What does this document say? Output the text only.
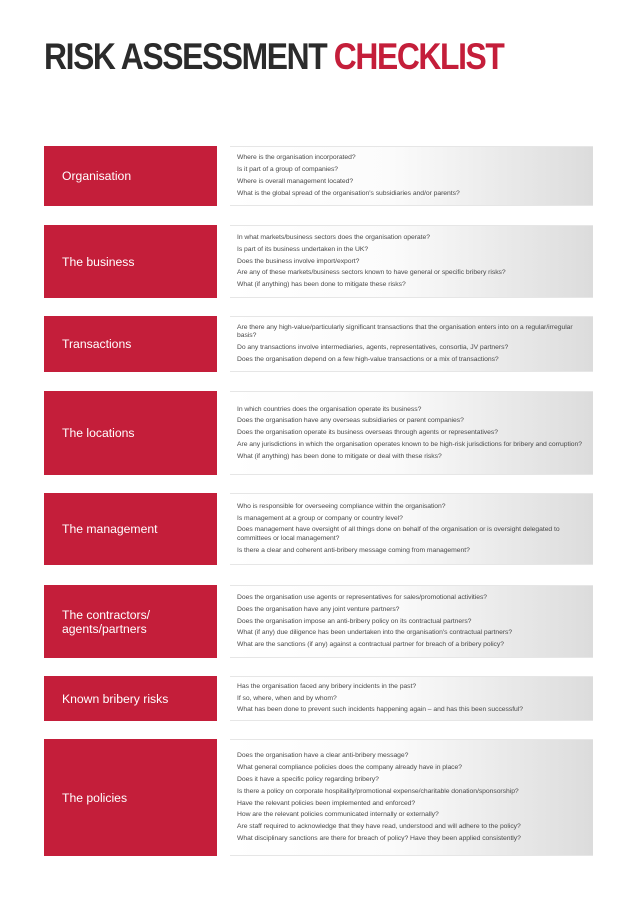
RISK ASSESSMENT CHECKLIST
Organisation
Where is the organisation incorporated?
Is it part of a group of companies?
Where is overall management located?
What is the global spread of the organisation's subsidiaries and/or parents?
The business
In what markets/business sectors does the organisation operate?
Is part of its business undertaken in the UK?
Does the business involve import/export?
Are any of these markets/business sectors known to have general or specific bribery risks?
What (if anything) has been done to mitigate these risks?
Transactions
Are there any high-value/particularly significant transactions that the organisation enters into on a regular/irregular basis?
Do any transactions involve intermediaries, agents, representatives, consortia, JV partners?
Does the organisation depend on a few high-value transactions or a mix of transactions?
The locations
In which countries does the organisation operate its business?
Does the organisation have any overseas subsidiaries or parent companies?
Does the organisation operate its business overseas through agents or representatives?
Are any jurisdictions in which the organisation operates known to be high-risk jurisdictions for bribery and corruption?
What (if anything) has been done to mitigate or deal with these risks?
The management
Who is responsible for overseeing compliance within the organisation?
Is management at a group or company or country level?
Does management have oversight of all things done on behalf of the organisation or is oversight delegated to committees or local management?
Is there a clear and coherent anti-bribery message coming from management?
The contractors/
agents/partners
Does the organisation use agents or representatives for sales/promotional activities?
Does the organisation have any joint venture partners?
Does the organisation impose an anti-bribery policy on its contractual partners?
What (if any) due diligence has been undertaken into the organisation's contractual partners?
What are the sanctions (if any) against a contractual partner for breach of a bribery policy?
Known bribery risks
Has the organisation faced any bribery incidents in the past?
If so, where, when and by whom?
What has been done to prevent such incidents happening again – and has this been successful?
The policies
Does the organisation have a clear anti-bribery message?
What general compliance policies does the company already have in place?
Does it have a specific policy regarding bribery?
Is there a policy on corporate hospitality/promotional expense/charitable donation/sponsorship?
Have the relevant policies been implemented and enforced?
How are the relevant policies communicated internally or externally?
Are staff required to acknowledge that they have read, understood and will adhere to the policy?
What disciplinary sanctions are there for breach of policy? Have they been applied consistently?
